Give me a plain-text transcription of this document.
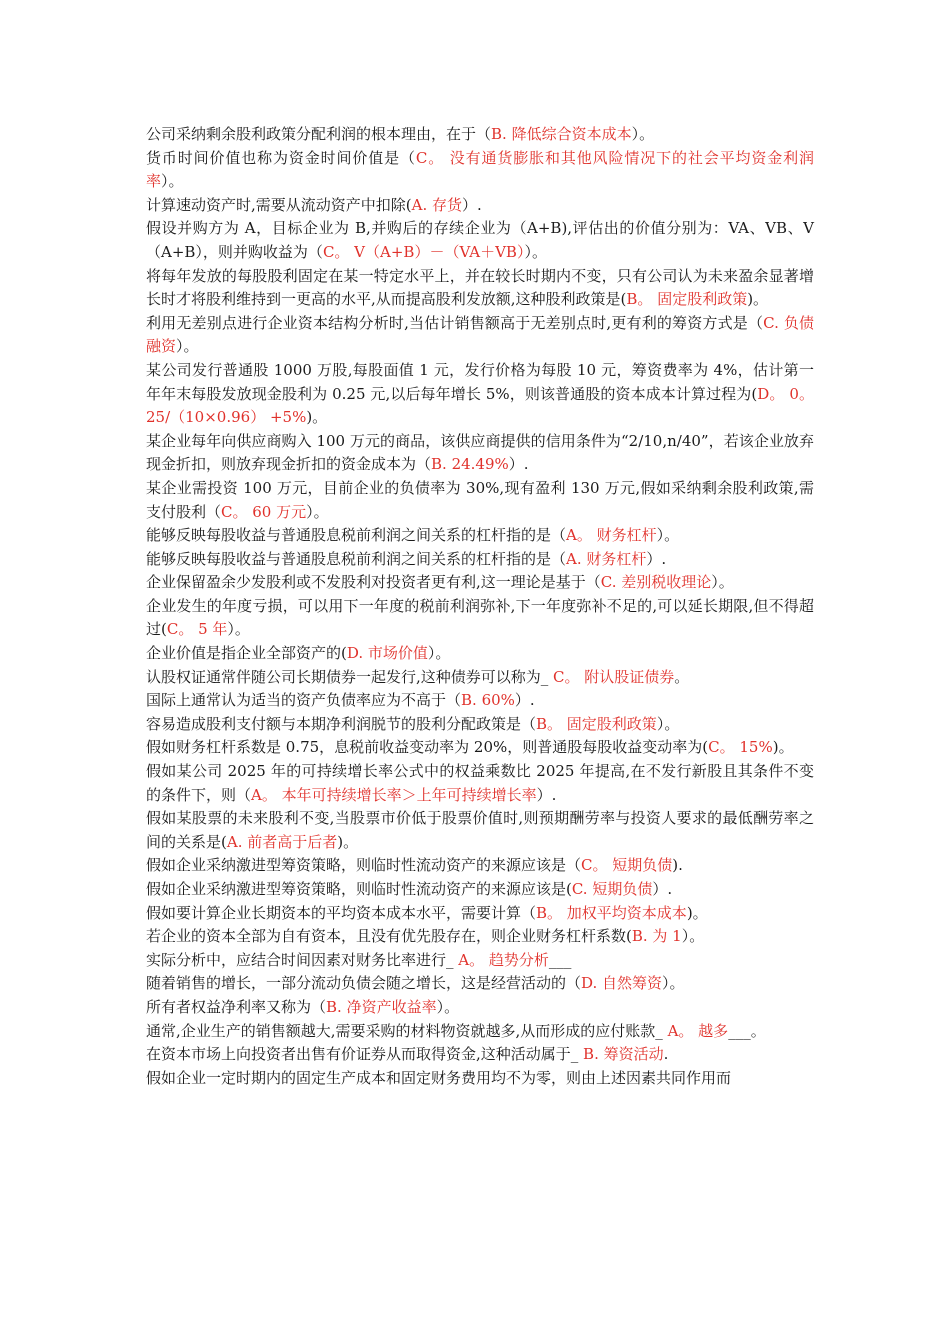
公司采纳剩余股利政策分配利润的根本理由，在于（B. 降低综合资本成本）。

货币时间价值也称为资金时间价值是（C。 没有通货膨胀和其他风险情况下的社会平均资金利润率）。

计算速动资产时,需要从流动资产中扣除(A. 存货）.

假设并购方为 A，目标企业为 B,并购后的存续企业为（A+B),评估出的价值分别为：VA、VB、V（A+B），则并购收益为（C。 V（A+B）－（VA＋VB））。

将每年发放的每股股利固定在某一特定水平上，并在较长时期内不变，只有公司认为未来盈余显著增长时才将股利维持到一更高的水平,从而提高股利发放额,这种股利政策是(B。 固定股利政策)。

利用无差别点进行企业资本结构分析时,当估计销售额高于无差别点时,更有利的筹资方式是（C. 负债融资）。

某公司发行普通股 1000 万股,每股面值 1 元，发行价格为每股 10 元，筹资费率为 4%，估计第一年年末每股发放现金股利为 0.25 元,以后每年增长 5%，则该普通股的资本成本计算过程为(D。 0。25/（10×0.96） +5%)。

某企业每年向供应商购入 100 万元的商品，该供应商提供的信用条件为“2/10,n/40”，若该企业放弃现金折扣，则放弃现金折扣的资金成本为（B. 24.49%）.

某企业需投资 100 万元，目前企业的负债率为 30%,现有盈利 130 万元,假如采纳剩余股利政策,需支付股利（C。 60 万元）。

能够反映每股收益与普通股息税前利润之间关系的杠杆指的是（A。 财务杠杆）。

能够反映每股收益与普通股息税前利润之间关系的杠杆指的是（A. 财务杠杆）.

企业保留盈余少发股利或不发股利对投资者更有利,这一理论是基于（C. 差别税收理论）。

企业发生的年度亏损，可以用下一年度的税前利润弥补,下一年度弥补不足的,可以延长期限,但不得超过(C。 5 年）。

企业价值是指企业全部资产的(D. 市场价值）。

认股权证通常伴随公司长期债券一起发行,这种债券可以称为_ C。 附认股证债券。

国际上通常认为适当的资产负债率应为不高于（B. 60%）.

容易造成股利支付额与本期净利润脱节的股利分配政策是（B。 固定股利政策）。

假如财务杠杆系数是 0.75，息税前收益变动率为 20%，则普通股每股收益变动率为(C。 15%)。

假如某公司 2025 年的可持续增长率公式中的权益乘数比 2025 年提高,在不发行新股且其条件不变的条件下，则（A。 本年可持续增长率＞上年可持续增长率）.

假如某股票的未来股利不变,当股票市价低于股票价值时,则预期酬劳率与投资人要求的最低酬劳率之间的关系是(A. 前者高于后者)。

假如企业采纳激进型筹资策略，则临时性流动资产的来源应该是（C。 短期负债).

假如企业采纳激进型筹资策略，则临时性流动资产的来源应该是(C. 短期负债）.

假如要计算企业长期资本的平均资本成本水平，需要计算（B。 加权平均资本成本)。

若企业的资本全部为自有资本，且没有优先股存在，则企业财务杠杆系数(B. 为 1）。

实际分析中，应结合时间因素对财务比率进行_ A。 趋势分析___

随着销售的增长，一部分流动负债会随之增长，这是经营活动的（D. 自然筹资）。

所有者权益净利率又称为（B. 净资产收益率）。

通常,企业生产的销售额越大,需要采购的材料物资就越多,从而形成的应付账款_ A。 越多___。

在资本市场上向投资者出售有价证券从而取得资金,这种活动属于_ B. 筹资活动.

假如企业一定时期内的固定生产成本和固定财务费用均不为零，则由上述因素共同作用而
